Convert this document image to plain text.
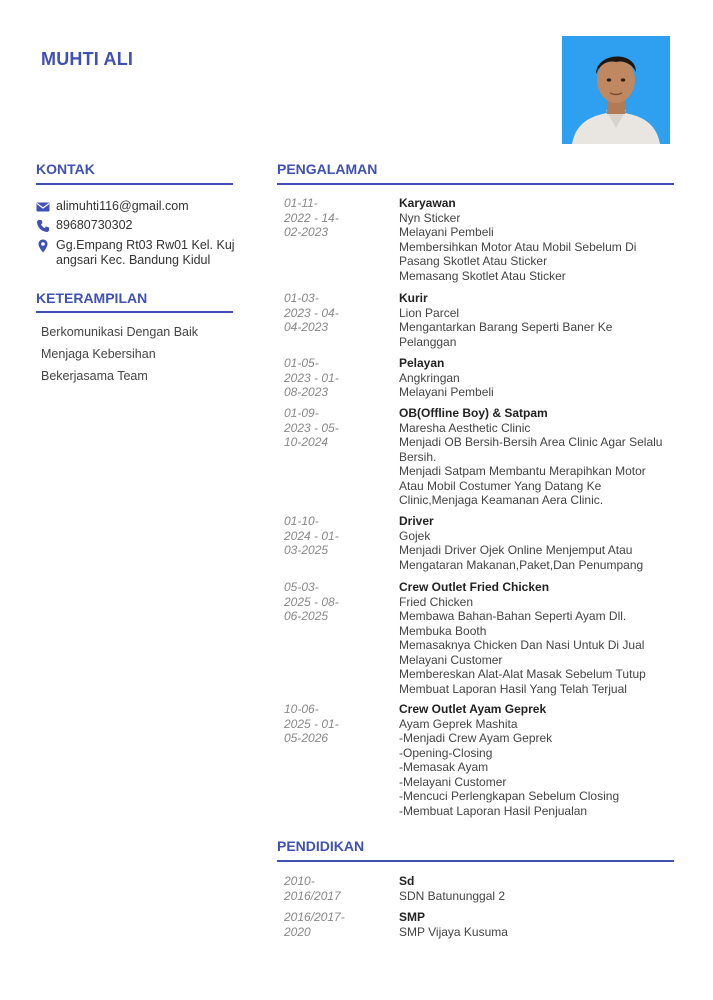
MUHTI ALI
KONTAK
alimuhti116@gmail.com
89680730302
Gg.Empang Rt03 Rw01 Kel. Kuj
angsari Kec. Bandung Kidul
KETERAMPILAN
Berkomunikasi Dengan Baik
Menjaga Kebersihan
Bekerjasama Team
PENGALAMAN
01-11-
2022 - 14-
02-2023
Karyawan
Nyn Sticker
Melayani Pembeli
Membersihkan Motor Atau Mobil Sebelum Di
Pasang Skotlet Atau Sticker
Memasang Skotlet Atau Sticker
01-03-
2023 - 04-
04-2023
Kurir
Lion Parcel
Mengantarkan Barang Seperti Baner Ke
Pelanggan
01-05-
2023 - 01-
08-2023
Pelayan
Angkringan
Melayani Pembeli
01-09-
2023 - 05-
10-2024
OB(Offline Boy) & Satpam
Maresha Aesthetic Clinic
Menjadi OB Bersih-Bersih Area Clinic Agar Selalu
Bersih.
Menjadi Satpam Membantu Merapihkan Motor
Atau Mobil Costumer Yang Datang Ke
Clinic,Menjaga Keamanan Aera Clinic.
01-10-
2024 - 01-
03-2025
Driver
Gojek
Menjadi Driver Ojek Online Menjemput Atau
Mengataran Makanan,Paket,Dan Penumpang
05-03-
2025 - 08-
06-2025
Crew Outlet Fried Chicken
Fried Chicken
Membawa Bahan-Bahan Seperti Ayam Dll.
Membuka Booth
Memasaknya Chicken Dan Nasi Untuk Di Jual
Melayani Customer
Membereskan Alat-Alat Masak Sebelum Tutup
Membuat Laporan Hasil Yang Telah Terjual
10-06-
2025 - 01-
05-2026
Crew Outlet Ayam Geprek
Ayam Geprek Mashita
-Menjadi Crew Ayam Geprek
-Opening-Closing
-Memasak Ayam
-Melayani Customer
-Mencuci Perlengkapan Sebelum Closing
-Membuat Laporan Hasil Penjualan
PENDIDIKAN
2010-
2016/2017
Sd
SDN Batununggal 2
2016/2017-
2020
SMP
SMP Vijaya Kusuma
